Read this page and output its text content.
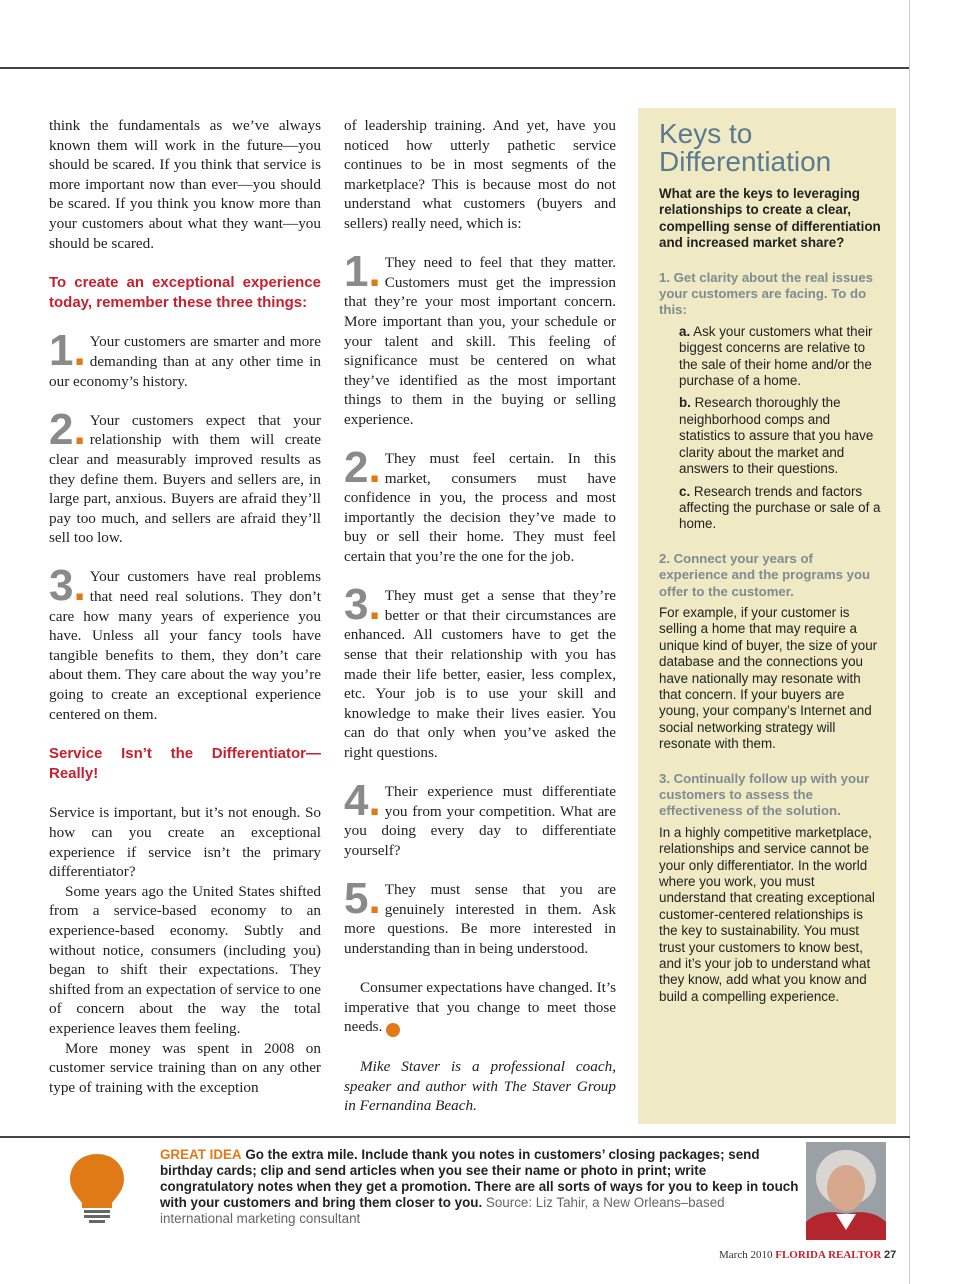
think the fundamentals as we’ve always known them will work in the future—you should be scared. If you think that service is more important now than ever—you should be scared. If you think you know more than your customers about what they want—you should be scared.

To create an exceptional experience today, remember these three things:

1. Your customers are smarter and more demanding than at any other time in our economy’s history.

2. Your customers expect that your relationship with them will create clear and measurably improved results as they define them. Buyers and sellers are, in large part, anxious. Buyers are afraid they’ll pay too much, and sellers are afraid they’ll sell too low.

3. Your customers have real problems that need real solutions. They don’t care how many years of experience you have. Unless all your fancy tools have tangible benefits to them, they don’t care about them. They care about the way you’re going to create an exceptional experience centered on them.

Service Isn’t the Differentiator—Really!

Service is important, but it’s not enough. So how can you create an exceptional experience if service isn’t the primary differentiator?

Some years ago the United States shifted from a service-based economy to an experience-based economy. Subtly and without notice, consumers (including you) began to shift their expectations. They shifted from an expectation of service to one of concern about the way the total experience leaves them feeling.

More money was spent in 2008 on customer service training than on any other type of training with the exception

of leadership training. And yet, have you noticed how utterly pathetic service continues to be in most segments of the marketplace? This is because most do not understand what customers (buyers and sellers) really need, which is:

1. They need to feel that they matter. Customers must get the impression that they’re your most important concern. More important than you, your schedule or your talent and skill. This feeling of significance must be centered on what they’ve identified as the most important things to them in the buying or selling experience.

2. They must feel certain. In this market, consumers must have confidence in you, the process and most importantly the decision they’ve made to buy or sell their home. They must feel certain that you’re the one for the job.

3. They must get a sense that they’re better or that their circumstances are enhanced. All customers have to get the sense that their relationship with you has made their life better, easier, less complex, etc. Your job is to use your skill and knowledge to make their lives easier. You can do that only when you’ve asked the right questions.

4. Their experience must differentiate you from your competition. What are you doing every day to differentiate yourself?

5. They must sense that you are genuinely interested in them. Ask more questions. Be more interested in understanding than in being understood.

Consumer expectations have changed. It’s imperative that you change to meet those needs. R

Mike Staver is a professional coach, speaker and author with The Staver Group in Fernandina Beach.

Keys to Differentiation

What are the keys to leveraging relationships to create a clear, compelling sense of differentiation and increased market share?

1. Get clarity about the real issues your customers are facing. To do this:

a. Ask your customers what their biggest concerns are relative to the sale of their home and/or the purchase of a home.

b. Research thoroughly the neighborhood comps and statistics to assure that you have clarity about the market and answers to their questions.

c. Research trends and factors affecting the purchase or sale of a home.

2. Connect your years of experience and the programs you offer to the customer.

For example, if your customer is selling a home that may require a unique kind of buyer, the size of your database and the connections you have nationally may resonate with that concern. If your buyers are young, your company’s Internet and social networking strategy will resonate with them.

3. Continually follow up with your customers to assess the effectiveness of the solution.

In a highly competitive marketplace, relationships and service cannot be your only differentiator. In the world where you work, you must understand that creating exceptional customer-centered relationships is the key to sustainability. You must trust your customers to know best, and it’s your job to understand what they know, add what you know and build a compelling experience.

GREAT IDEA Go the extra mile. Include thank you notes in customers’ closing packages; send birthday cards; clip and send articles when you see their name or photo in print; write congratulatory notes when they get a promotion. There are all sorts of ways for you to keep in touch with your customers and bring them closer to you. Source: Liz Tahir, a New Orleans–based international marketing consultant
March 2010 FLORIDA REALTOR 27
